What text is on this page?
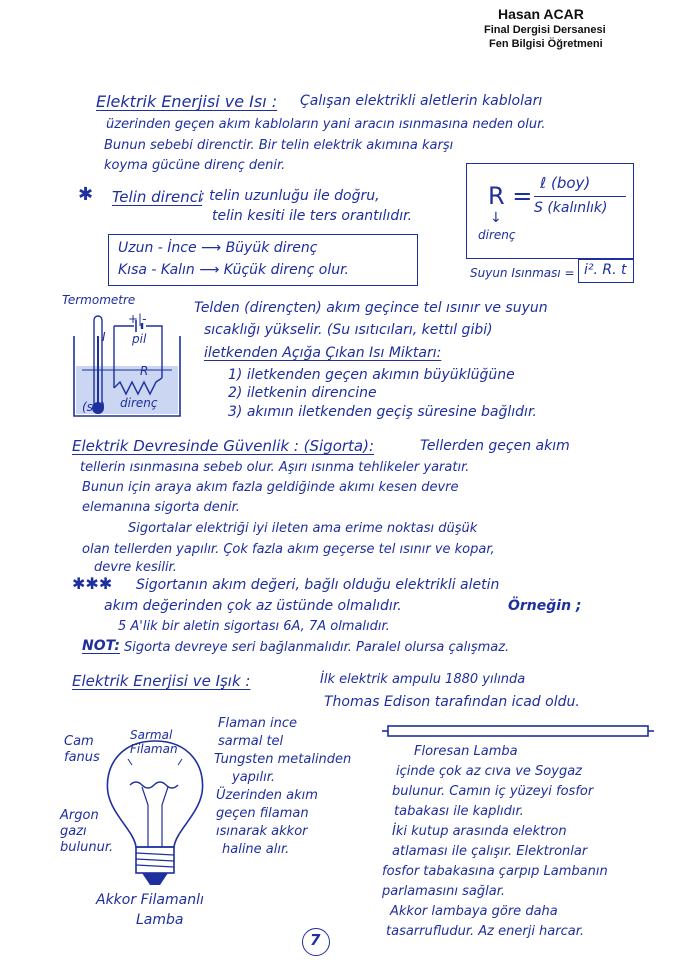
Hasan ACAR
Final Dergisi Dersanesi
Fen Bilgisi Öğretmeni
Elektrik Enerjisi ve Isı : Çalışan elektrikli aletlerin kabloları
üzerinden geçen akım kabloların yani aracın ısınmasına neden olur.
Bunun sebebi direnctir. Bir telin elektrik akımına karşı
koyma gücüne direnç denir.
✱ Telin direnci
; telin uzunluğu ile doğru,
telin kesiti ile ters orantılıdır.
Uzun - İnce ⟶ Büyük direnç
Kısa - Kalın ⟶ Küçük direnç olur.
R = ℓ (boy)
S (kalınlık)
↓
direnç
Suyun Isınması = i². R. t
Termometre
I
+|-
pil
R
direnç
(su)
Telden (dirençten) akım geçince tel ısınır ve suyun
sıcaklığı yükselir. (Su ısıtıcıları, kettıl gibi)
iletkenden Açığa Çıkan Isı Miktarı:
1) iletkenden geçen akımın büyüklüğüne
2) iletkenin direncine
3) akımın iletkenden geçiş süresine bağlıdır.
Elektrik Devresinde Güvenlik : (Sigorta):	Tellerden geçen akım
tellerin ısınmasına sebeb olur. Aşırı ısınma tehlikeler yaratır.
Bunun için araya akım fazla geldiğinde akımı kesen devre
elemanına sigorta denir.
Sigortalar elektriği iyi ileten ama erime noktası düşük
olan tellerden yapılır. Çok fazla akım geçerse tel ısınır ve kopar,
devre kesilir.
✱✱✱ Sigortanın akım değeri, bağlı olduğu elektrikli aletin
akım değerinden çok az üstünde olmalıdır.	Örneğin ;
5 A'lik bir aletin sigortası 6A, 7A olmalıdır.
NOT: Sigorta devreye seri bağlanmalıdır. Paralel olursa çalışmaz.
Elektrik Enerjisi ve Işık :	İlk elektrik ampulu 1880 yılında
Thomas Edison tarafından icad oldu.
Cam fanus
Sarmal Filaman
Argon gazı bulunur.
Akkor Filamanlı
Lamba
Flaman ince
sarmal tel
Tungsten metalinden
yapılır.
Üzerinden akım
geçen filaman
ısınarak akkor
haline alır.
Floresan Lamba
içinde çok az cıva ve Soygaz
bulunur. Camın iç yüzeyi fosfor
tabakası ile kaplıdır.
İki kutup arasında elektron
atlaması ile çalışır. Elektronlar
fosfor tabakasına çarpıp Lambanın
parlamasını sağlar.
Akkor lambaya göre daha
tasarrufludur. Az enerji harcar.
7
